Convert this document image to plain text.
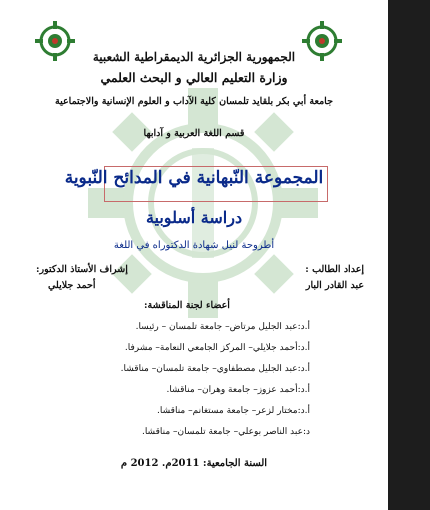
الجمهورية الجزائرية الديمقراطية الشعبية
وزارة التعليم العالي و البحث العلمي
جامعة أبي بكر بلقايد تلمسان كلية الآداب و العلوم الإنسانية والاجتماعية
قسم اللغة العربية و آدابها
المجموعة النّبهانية في المدائح النّبوية
دراسة أسلوبية
أطروحة لنيل شهادة الدكتوراه في اللغة
إعداد الطالب :
عبد القادر البار
إشراف الأستاذ الدكتور:
أحمد جلايلي
أعضاء لجنة المناقشة:
أ.د:عبد الجليل مرتاض– جامعة تلمسان – رئيسا.
أ.د:أحمد جلايلي– المركز الجامعي النعامة– مشرفا.
أ.د:عبد الجليل مصطفاوي– جامعة تلمسان– مناقشا.
أ.د:أحمد عزوز– جامعة وهران– مناقشا.
أ.د:مختار لزعر– جامعة مستغانم– مناقشا.
د:عبد الناصر بوعلي– جامعة تلمسان– مناقشا.
السنة الجامعية: 2011م. 2012 م
